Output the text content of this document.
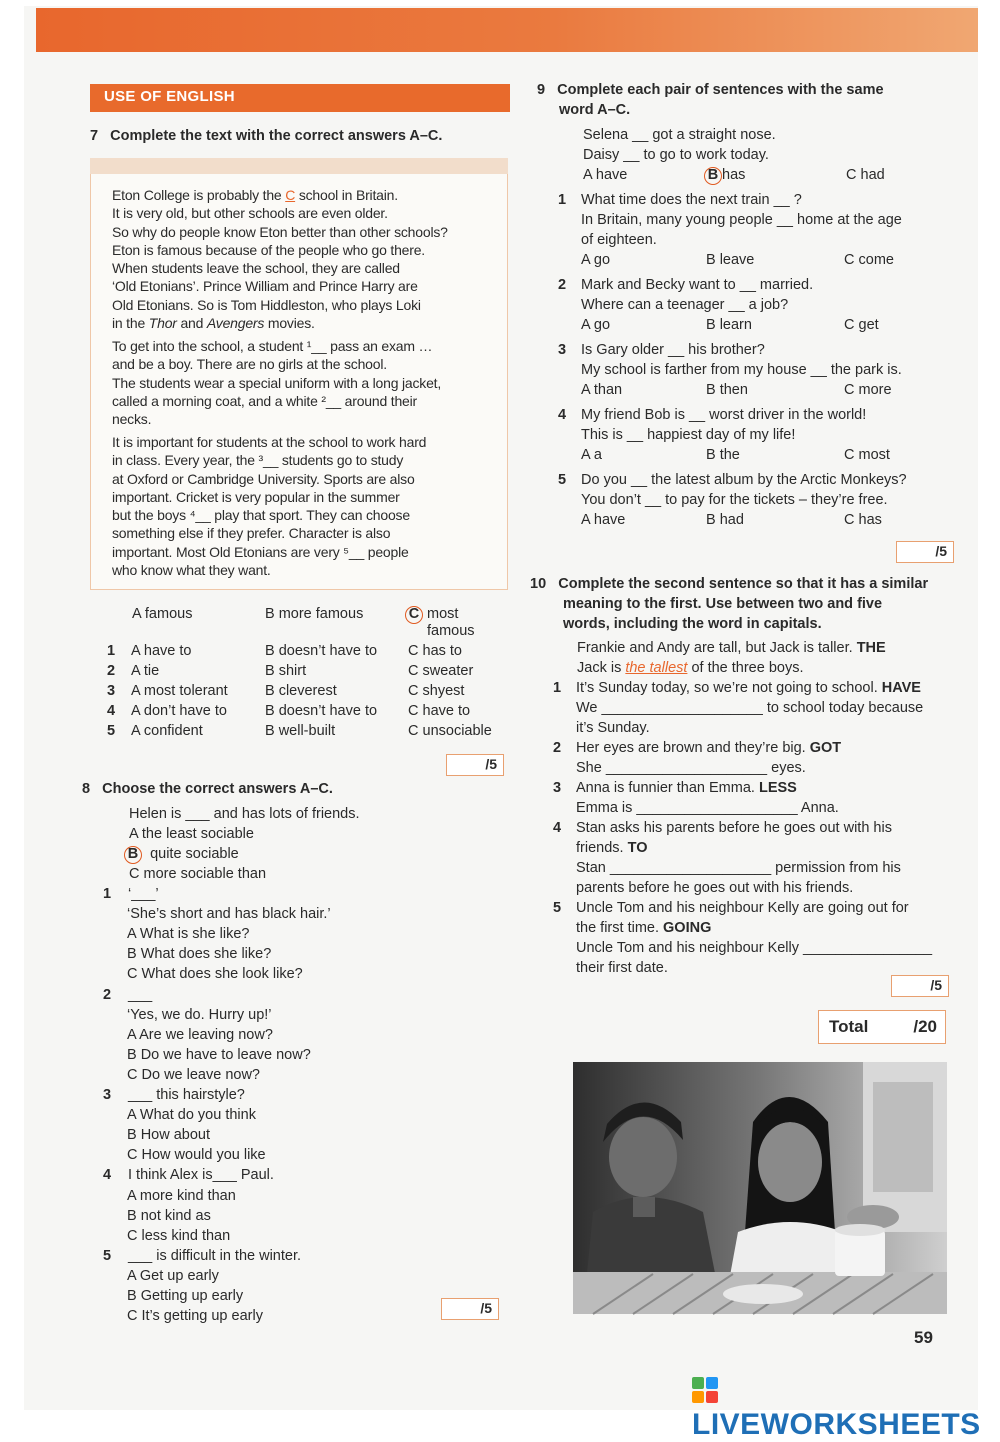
USE OF ENGLISH
7 Complete the text with the correct answers A–C.
Eton College is probably the C school in Britain.
It is very old, but other schools are even older.
So why do people know Eton better than other schools?
Eton is famous because of the people who go there.
When students leave the school, they are called
‘Old Etonians’. Prince William and Prince Harry are
Old Etonians. So is Tom Hiddleston, who plays Loki
in the Thor and Avengers movies.
To get into the school, a student ¹__ pass an exam …
and be a boy. There are no girls at the school.
The students wear a special uniform with a long jacket,
called a morning coat, and a white ²__ around their
necks.
It is important for students at the school to work hard
in class. Every year, the ³__ students go to study
at Oxford or Cambridge University. Sports are also
important. Cricket is very popular in the summer
but the boys ⁴__ play that sport. They can choose
something else if they prefer. Character is also
important. Most Old Etonians are very ⁵__ people
who know what they want.
A famous	B more famous	C most
famous
1 A have to	B doesn’t have to C has to
2 A tie	B shirt	C sweater
3 A most tolerant	B cleverest	C shyest
4 A don’t have to	B doesn’t have to C have to
5 A confident	B well-built	C unsociable
/5
8 Choose the correct answers A–C.
Helen is ___ and has lots of friends.
A the least sociable
B quite sociable
C more sociable than
1 ‘___’
‘She’s short and has black hair.’
A What is she like?
B What does she like?
C What does she look like?
2 ___
‘Yes, we do. Hurry up!’
A Are we leaving now?
B Do we have to leave now?
C Do we leave now?
3 ___ this hairstyle?
A What do you think
B How about
C How would you like
4 I think Alex is___ Paul.
A more kind than
B not kind as
C less kind than
5 ___ is difficult in the winter.
A Get up early
B Getting up early
C It’s getting up early
/5
9 Complete each pair of sentences with the same
word A–C.
Selena __ got a straight nose.
Daisy __ to go to work today.
A have	B has	C had
1 What time does the next train __ ?
In Britain, many young people __ home at the age
of eighteen.
A go	B leave	C come
2 Mark and Becky want to __ married.
Where can a teenager __ a job?
A go	B learn	C get
3 Is Gary older __ his brother?
My school is farther from my house __ the park is.
A than	B then	C more
4 My friend Bob is __ worst driver in the world!
This is __ happiest day of my life!
A a	B the	C most
5 Do you __ the latest album by the Arctic Monkeys?
You don’t __ to pay for the tickets – they’re free.
A have	B had	C has
/5
10 Complete the second sentence so that it has a similar
meaning to the first. Use between two and five
words, including the word in capitals.
Frankie and Andy are tall, but Jack is taller. THE
Jack is the tallest of the three boys.
1 It’s Sunday today, so we’re not going to school. HAVE
We ____________________ to school today because
it’s Sunday.
2 Her eyes are brown and they’re big. GOT
She ____________________ eyes.
3 Anna is funnier than Emma. LESS
Emma is ____________________ Anna.
4 Stan asks his parents before he goes out with his
friends. TO
Stan ____________________ permission from his
parents before he goes out with his friends.
5 Uncle Tom and his neighbour Kelly are going out for
the first time. GOING
Uncle Tom and his neighbour Kelly ________________
their first date.
/5
Total	/20
59
LIVEWORKSHEETS
